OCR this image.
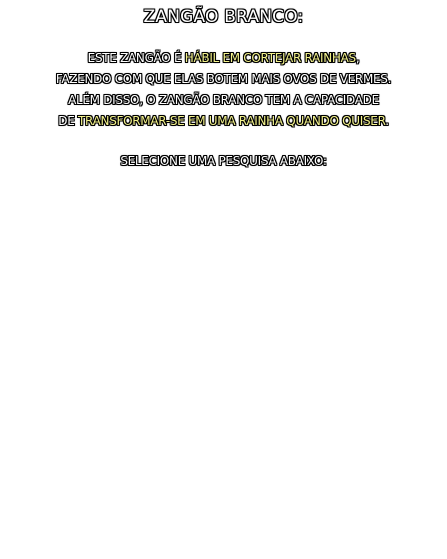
ZANGÃO BRANCO:
ESTE ZANGÃO É HÁBIL EM CORTEJAR RAINHAS,
FAZENDO COM QUE ELAS BOTEM MAIS OVOS DE VERMES.
ALÉM DISSO, O ZANGÃO BRANCO TEM A CAPACIDADE
DE TRANSFORMAR-SE EM UMA RAINHA QUANDO QUISER.
SELECIONE UMA PESQUISA ABAIXO:
